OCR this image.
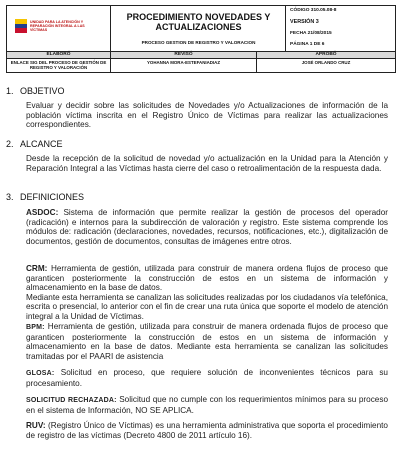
UNIDAD PARA LA ATENCIÓN Y REPARACIÓN INTEGRAL A LAS VÍCTIMAS
PROCEDIMIENTO NOVEDADES Y ACTUALIZACIONES
PROCESO GESTION DE REGISTRO Y VALORACION
CÓDIGO 310.05.08-8
VERSIÓN 3
FECHA 21/08/2015
PÁGINA 1 DE 6
ELABORÓ
ENLACE SIG DEL PROCESO DE GESTIÓN DE REGISTRO Y VALORACIÓN
REVISÓ
YOHANNA MORA-ESTEFANIADIAZ
APROBÓ
JOSÉ ORLANDO CRUZ
1. OBJETIVO
Evaluar y decidir sobre las solicitudes de Novedades y/o Actualizaciones de información de la población víctima inscrita en el Registro Único de Víctimas para realizar las actualizaciones correspondientes.
2. ALCANCE
Desde la recepción de la solicitud de novedad y/o actualización en la Unidad para la Atención y Reparación Integral a las Víctimas hasta cierre del caso o retroalimentación de la respuesta dada.
3. DEFINICIONES
ASDOC: Sistema de información que permite realizar la gestión de procesos del operador (radicación) e internos para la subdirección de valoración y registro. Este sistema comprende los módulos de: radicación (declaraciones, novedades, recursos, notificaciones, etc.), digitalización de documentos, gestión de documentos, consultas de imágenes entre otros.
CRM: Herramienta de gestión, utilizada para construir de manera ordena flujos de proceso que garanticen posteriormente la construcción de estos en un sistema de información y almacenamiento en la base de datos.
Mediante esta herramienta se canalizan las solicitudes realizadas por los ciudadanos vía telefónica, escrita o presencial, lo anterior con el fin de crear una ruta única que soporte el modelo de atención integral a la Unidad de Víctimas.
BPM: Herramienta de gestión, utilizada para construir de manera ordenada flujos de proceso que garanticen posteriormente la construcción de estos en un sistema de información y almacenamiento en la base de datos. Mediante esta herramienta se canalizan las solicitudes tramitadas por el PAARI de asistencia
GLOSA: Solicitud en proceso, que requiere solución de inconvenientes técnicos para su procesamiento.
SOLICITUD RECHAZADA: Solicitud que no cumple con los requerimientos mínimos para su proceso en el sistema de Información, NO SE APLICA.
RUV: (Registro Único de Víctimas) es una herramienta administrativa que soporta el procedimiento de registro de las víctimas (Decreto 4800 de 2011 artículo 16).
